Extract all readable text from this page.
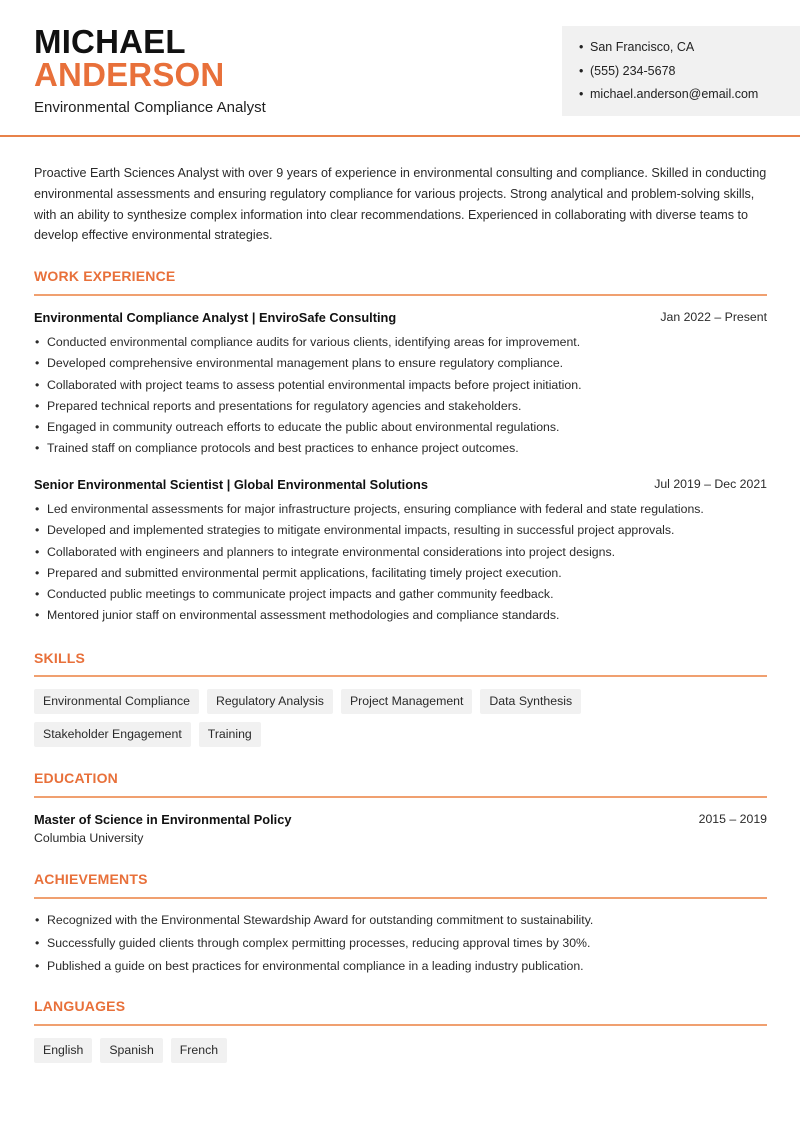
MICHAEL
ANDERSON
Environmental Compliance Analyst
• San Francisco, CA
• (555) 234-5678
• michael.anderson@email.com

Proactive Earth Sciences Analyst with over 9 years of experience in environmental consulting and compliance. Skilled in conducting environmental assessments and ensuring regulatory compliance for various projects. Strong analytical and problem-solving skills, with an ability to synthesize complex information into clear recommendations. Experienced in collaborating with diverse teams to develop effective environmental strategies.

WORK EXPERIENCE
Environmental Compliance Analyst | EnviroSafe Consulting	Jan 2022 – Present
• Conducted environmental compliance audits for various clients, identifying areas for improvement.
• Developed comprehensive environmental management plans to ensure regulatory compliance.
• Collaborated with project teams to assess potential environmental impacts before project initiation.
• Prepared technical reports and presentations for regulatory agencies and stakeholders.
• Engaged in community outreach efforts to educate the public about environmental regulations.
• Trained staff on compliance protocols and best practices to enhance project outcomes.
Senior Environmental Scientist | Global Environmental Solutions	Jul 2019 – Dec 2021
• Led environmental assessments for major infrastructure projects, ensuring compliance with federal and state regulations.
• Developed and implemented strategies to mitigate environmental impacts, resulting in successful project approvals.
• Collaborated with engineers and planners to integrate environmental considerations into project designs.
• Prepared and submitted environmental permit applications, facilitating timely project execution.
• Conducted public meetings to communicate project impacts and gather community feedback.
• Mentored junior staff on environmental assessment methodologies and compliance standards.
SKILLS
Environmental Compliance	Regulatory Analysis	Project Management	Data Synthesis
Stakeholder Engagement	Training
EDUCATION
Master of Science in Environmental Policy	2015 – 2019
Columbia University
ACHIEVEMENTS
• Recognized with the Environmental Stewardship Award for outstanding commitment to sustainability.
• Successfully guided clients through complex permitting processes, reducing approval times by 30%.
• Published a guide on best practices for environmental compliance in a leading industry publication.
LANGUAGES
English	Spanish	French
